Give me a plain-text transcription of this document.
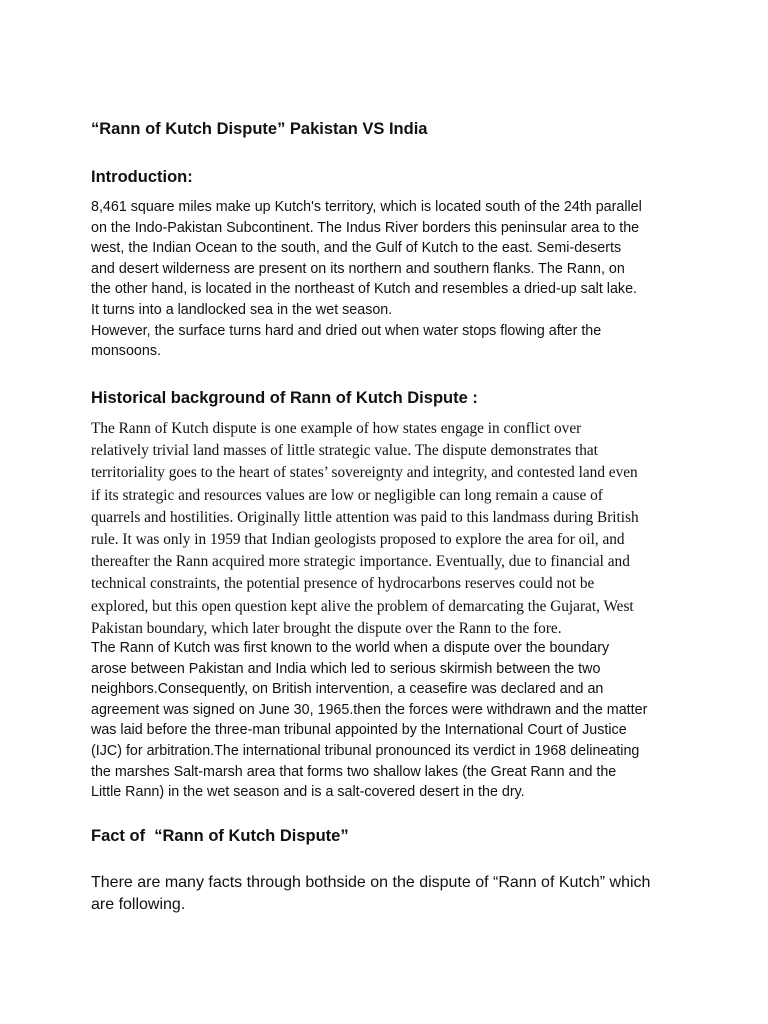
“Rann of Kutch Dispute” Pakistan VS India
Introduction:

8,461 square miles make up Kutch's territory, which is located south of the 24th parallel
on the Indo-Pakistan Subcontinent. The Indus River borders this peninsular area to the
west, the Indian Ocean to the south, and the Gulf of Kutch to the east. Semi-deserts
and desert wilderness are present on its northern and southern flanks. The Rann, on
the other hand, is located in the northeast of Kutch and resembles a dried-up salt lake.
It turns into a landlocked sea in the wet season.
However, the surface turns hard and dried out when water stops flowing after the
monsoons.

Historical background of Rann of Kutch Dispute :

The Rann of Kutch dispute is one example of how states engage in conflict over
relatively trivial land masses of little strategic value. The dispute demonstrates that
territoriality goes to the heart of states’ sovereignty and integrity, and contested land even
if its strategic and resources values are low or negligible can long remain a cause of
quarrels and hostilities. Originally little attention was paid to this landmass during British
rule. It was only in 1959 that Indian geologists proposed to explore the area for oil, and
thereafter the Rann acquired more strategic importance. Eventually, due to financial and
technical constraints, the potential presence of hydrocarbons reserves could not be
explored, but this open question kept alive the problem of demarcating the Gujarat, West
Pakistan boundary, which later brought the dispute over the Rann to the fore.

The Rann of Kutch was first known to the world when a dispute over the boundary
arose between Pakistan and India which led to serious skirmish between the two
neighbors.Consequently, on British intervention, a ceasefire was declared and an
agreement was signed on June 30, 1965.then the forces were withdrawn and the matter
was laid before the three-man tribunal appointed by the International Court of Justice
(IJC) for arbitration.The international tribunal pronounced its verdict in 1968 delineating
the marshes Salt-marsh area that forms two shallow lakes (the Great Rann and the
Little Rann) in the wet season and is a salt-covered desert in the dry.

Fact of  “Rann of Kutch Dispute”

There are many facts through bothside on the dispute of “Rann of Kutch” which
are following.
